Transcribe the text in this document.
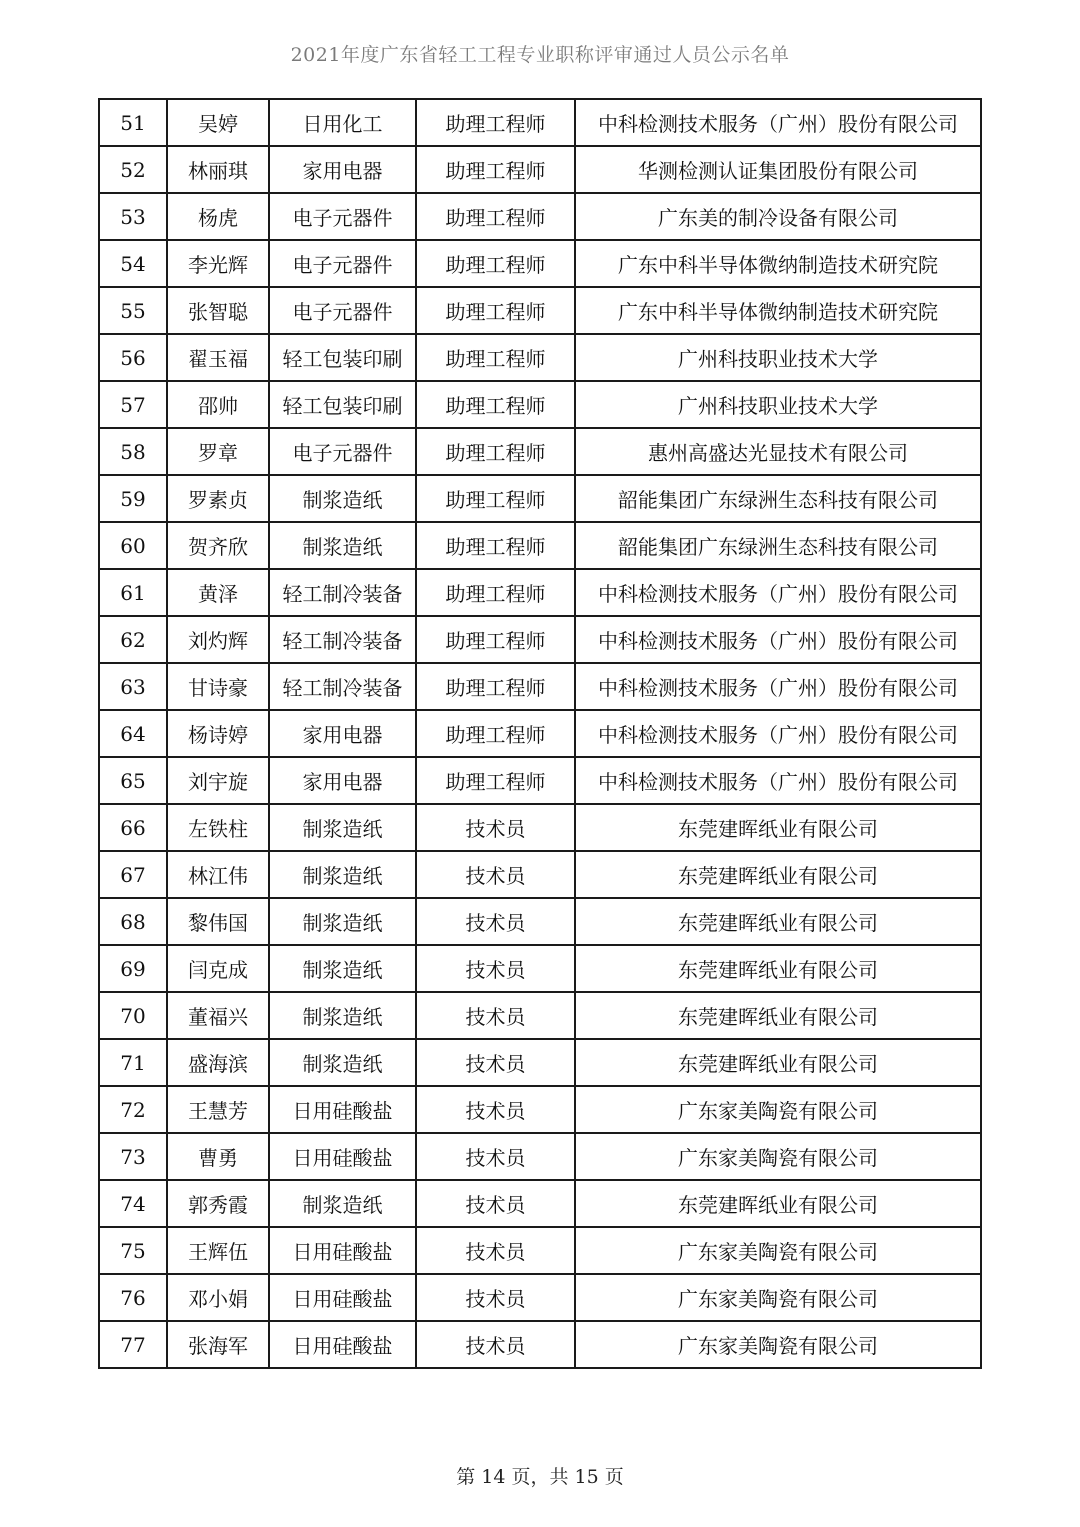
2021年度广东省轻工工程专业职称评审通过人员公示名单
51	吴婷	日用化工	助理工程师	中科检测技术服务（广州）股份有限公司
52	林丽琪	家用电器	助理工程师	华测检测认证集团股份有限公司
53	杨虎	电子元器件	助理工程师	广东美的制冷设备有限公司
54	李光辉	电子元器件	助理工程师	广东中科半导体微纳制造技术研究院
55	张智聪	电子元器件	助理工程师	广东中科半导体微纳制造技术研究院
56	翟玉福	轻工包装印刷	助理工程师	广州科技职业技术大学
57	邵帅	轻工包装印刷	助理工程师	广州科技职业技术大学
58	罗章	电子元器件	助理工程师	惠州高盛达光显技术有限公司
59	罗素贞	制浆造纸	助理工程师	韶能集团广东绿洲生态科技有限公司
60	贺齐欣	制浆造纸	助理工程师	韶能集团广东绿洲生态科技有限公司
61	黄泽	轻工制冷装备	助理工程师	中科检测技术服务（广州）股份有限公司
62	刘灼辉	轻工制冷装备	助理工程师	中科检测技术服务（广州）股份有限公司
63	甘诗豪	轻工制冷装备	助理工程师	中科检测技术服务（广州）股份有限公司
64	杨诗婷	家用电器	助理工程师	中科检测技术服务（广州）股份有限公司
65	刘宇旋	家用电器	助理工程师	中科检测技术服务（广州）股份有限公司
66	左铁柱	制浆造纸	技术员	东莞建晖纸业有限公司
67	林江伟	制浆造纸	技术员	东莞建晖纸业有限公司
68	黎伟国	制浆造纸	技术员	东莞建晖纸业有限公司
69	闫克成	制浆造纸	技术员	东莞建晖纸业有限公司
70	董福兴	制浆造纸	技术员	东莞建晖纸业有限公司
71	盛海滨	制浆造纸	技术员	东莞建晖纸业有限公司
72	王慧芳	日用硅酸盐	技术员	广东家美陶瓷有限公司
73	曹勇	日用硅酸盐	技术员	广东家美陶瓷有限公司
74	郭秀霞	制浆造纸	技术员	东莞建晖纸业有限公司
75	王辉伍	日用硅酸盐	技术员	广东家美陶瓷有限公司
76	邓小娟	日用硅酸盐	技术员	广东家美陶瓷有限公司
77	张海军	日用硅酸盐	技术员	广东家美陶瓷有限公司
第 14 页，共 15 页
